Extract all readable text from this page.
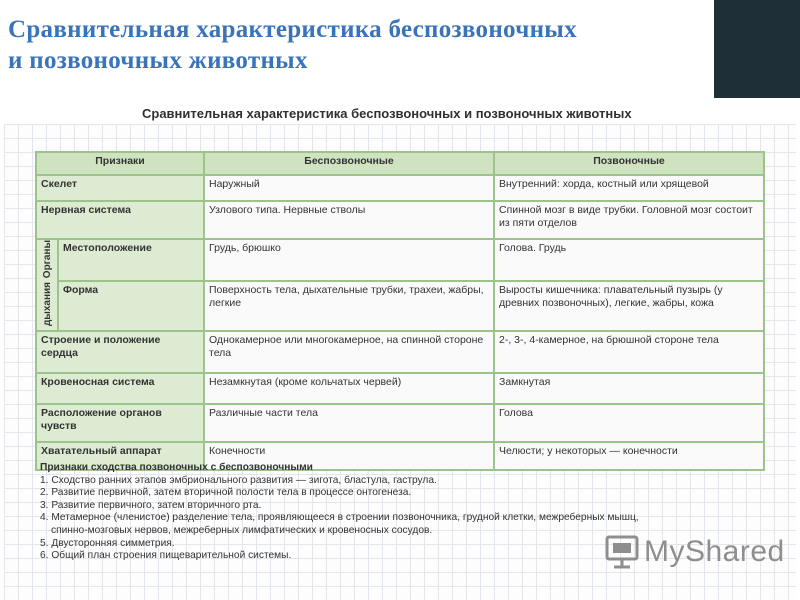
Сравнительная характеристика беспозвоночных
и позвоночных животных
Сравнительная характеристика беспозвоночных и позвоночных животных
Признаки		Беспозвоночные	Позвоночные
Скелет		Наружный	Внутренний: хорда, костный или хрящевой
Нервная система		Узлового типа. Нервные стволы	Спинной мозг в виде трубки. Головной мозг состоит из пяти отделов
Органыдыхания	Местоположение	Грудь, брюшко	Голова. Грудь
	Форма	Поверхность тела, дыхательные трубки, трахеи, жабры, легкие	Выросты кишечника: плавательный пузырь (у древних позвоночных), легкие, жабры, кожа
Строение и положение сердца		Однокамерное или многокамерное, на спинной стороне тела	2-, 3-, 4-камерное, на брюшной стороне тела
Кровеносная система		Незамкнутая (кроме кольчатых червей)	Замкнутая
Расположение органов чувств		Различные части тела	Голова
Хватательный аппарат		Конечности	Челюсти; у некоторых — конечности
Признаки сходства позвоночных с беспозвоночными
1. Сходство ранних этапов эмбрионального развития — зигота, бластула, гаструла.
2. Развитие первичной, затем вторичной полости тела в процессе онтогенеза.
3. Развитие первичного, затем вторичного рта.
4. Метамерное (членистое) разделение тела, проявляющееся в строении позвоночника, грудной клетки, межреберных мышц,
спинно-мозговых нервов, межреберных лимфатических и кровеносных сосудов.
5. Двусторонняя симметрия.
6. Общий план строения пищеварительной системы.	MyShared
